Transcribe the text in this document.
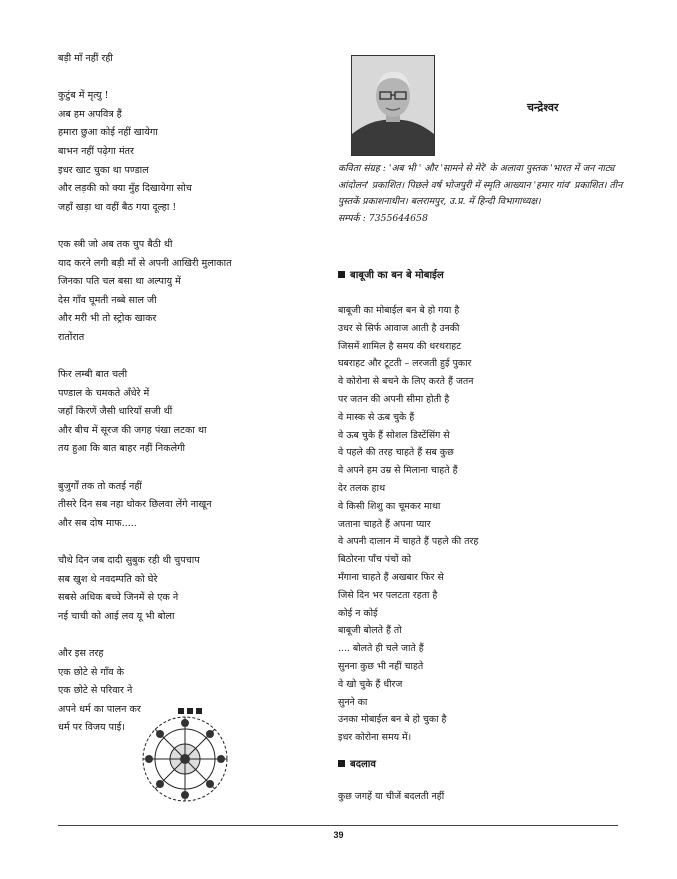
बड़ी माँ नहीं रही
कुटुंब में मृत्यु !
अब हम अपवित्र हैं
हमारा छुआ कोई नहीं खायेगा
बाभन नहीं पढ़ेगा मंतर
इधर खाट चुका था पण्डाल
और लड़की को क्या मुँह दिखायेगा सोच
जहाँ खड़ा था वहीं बैठ गया दूल्हा !
एक स्त्री जो अब तक चुप बैठी थी
याद करने लगी बड़ी माँ से अपनी आखिरी मुलाकात
जिनका पति चल बसा था अल्पायु में
देस गाँव घूमती नब्बे साल जी
और मरी भी तो स्ट्रोक खाकर
रातोंरात
फिर लम्बी बात चली
पण्डाल के चमकते अँधेरे में
जहाँ किरणें जैसी धारियाँ सजी थीं
और बीच में सूरज की जगह पंखा लटका था
तय हुआ कि बात बाहर नहीं निकलेगी
बुजुर्गों तक तो कतई नहीं
तीसरे दिन सब नहा धोकर छिलवा लेंगे नाखून
और सब दोष माफ.....
चौथे दिन जब दादी सुबुक रही थी चुपचाप
सब खुश थे नवदम्पति को घेरे
सबसे अधिक बच्चे जिनमें से एक ने
नई चाची को आई लव यू भी बोला
और इस तरह
एक छोटे से गाँव के
एक छोटे से परिवार ने
अपने धर्म का पालन कर
धर्म पर विजय पाई।
चन्द्रेश्वर
कविता संग्रह : 'अब भी ' और 'सामने से मेरे' के अलावा पुस्तक 'भारत में जन नाट्य आंदोलन' प्रकाशित। पिछले वर्ष भोजपुरी में स्मृति आख्यान 'हमार गांव' प्रकाशित। तीन पुस्तकें प्रकाशनाधीन। बलरामपुर, उ.प्र. में हिन्दी विभागाध्यक्ष।
सम्पर्क : 7355644658
बाबूजी का बन बे मोबाईल
बाबूजी का मोबाईल बन बे हो गया है
उधर से सिर्फ आवाज आती है उनकी
जिसमें शामिल है समय की धरथराहट
घबराहट और टूटती – लरजती हुई पुकार
वे कोरोना से बचने के लिए करते हैं जतन
पर जतन की अपनी सीमा होती है
वे मास्क से ऊब चुके हैं
वे ऊब चुके हैं सोशल डिस्टेंसिंग से
वे पहले की तरह चाहते हैं सब कुछ
वे अपने हम उम्र से मिलाना चाहते हैं
देर तलक हाथ
वे किसी शिशु का चूमकर माथा
जताना चाहते हैं अपना प्यार
वे अपनी दालान में चाहते हैं पहले की तरह
बिठोरना पाँच पंचों को
मँगाना चाहते हैं अखबार फिर से
जिसे दिन भर पलटता रहता है
कोई न कोई
बाबूजी बोलते हैं तो
.... बोलते ही चले जाते हैं
सुनना कुछ भी नहीं चाहते
वे खो चुके हैं धीरज
सुनने का
उनका मोबाईल बन बे हो चुका है
इधर कोरोना समय में।
बदलाव
कुछ जगहें या चीजें बदलती नहीं
39
